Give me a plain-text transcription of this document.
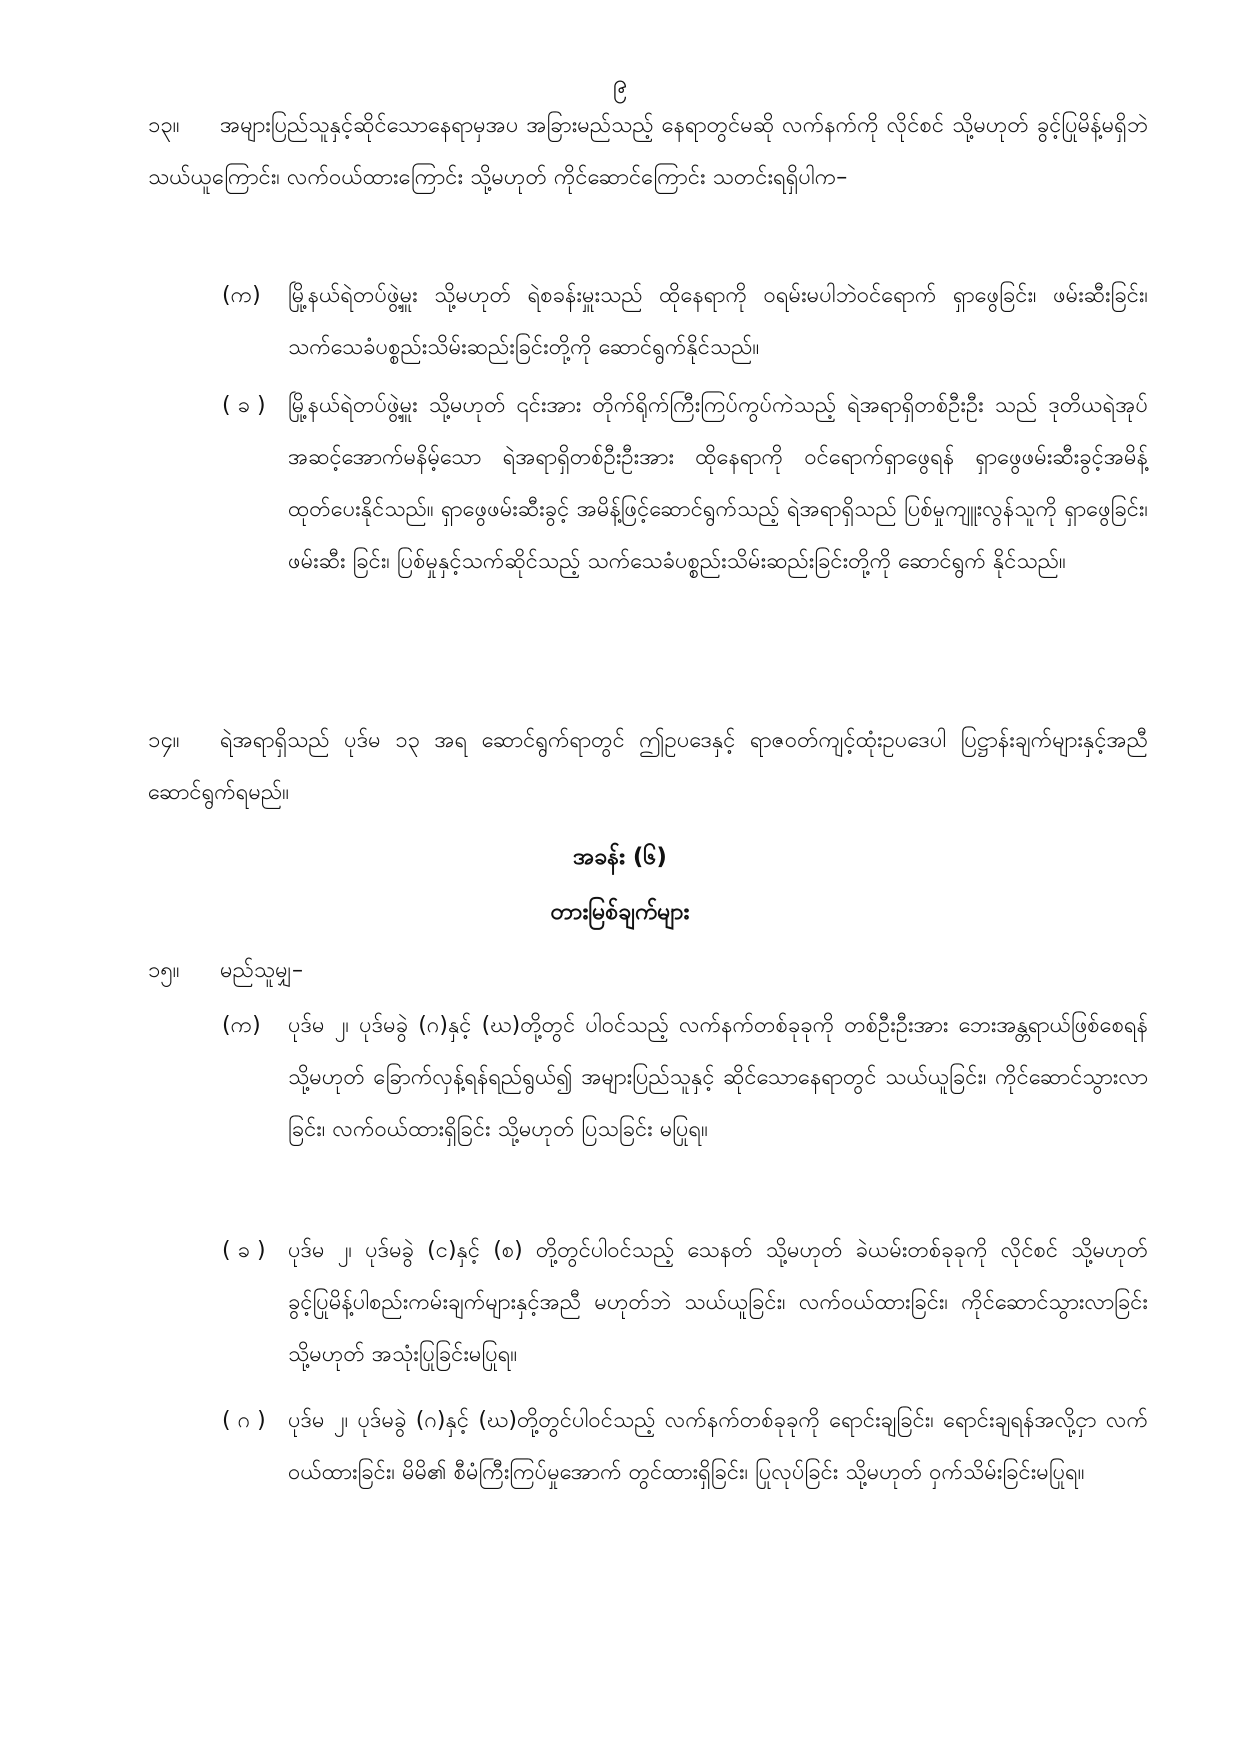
၉
၁၃။ အများပြည်သူနှင့်ဆိုင်သောနေရာမှအပ အခြားမည်သည့် နေရာတွင်မဆို လက်နက်ကို လိုင်စင် သို့မဟုတ် ခွင့်ပြုမိန့်မရှိဘဲ သယ်ယူကြောင်း၊ လက်ဝယ်ထားကြောင်း သို့မဟုတ် ကိုင်ဆောင်ကြောင်း သတင်းရရှိပါက–
(က)	မြို့နယ်ရဲတပ်ဖွဲ့မှူး သို့မဟုတ် ရဲစခန်းမှူးသည် ထိုနေရာကို ဝရမ်းမပါဘဲဝင်ရောက် ရှာဖွေခြင်း၊ ဖမ်းဆီးခြင်း၊ သက်သေခံပစ္စည်းသိမ်းဆည်းခြင်းတို့ကို ဆောင်ရွက်နိုင်သည်။
( ခ )	မြို့နယ်ရဲတပ်ဖွဲ့မှူး သို့မဟုတ် ၎င်းအား တိုက်ရိုက်ကြီးကြပ်ကွပ်ကဲသည့် ရဲအရာရှိတစ်ဦးဦး သည် ဒုတိယရဲအုပ်အဆင့်အောက်မနိမ့်သော ရဲအရာရှိတစ်ဦးဦးအား ထိုနေရာကို ဝင်ရောက်ရှာဖွေရန် ရှာဖွေဖမ်းဆီးခွင့်အမိန့် ထုတ်ပေးနိုင်သည်။ ရှာဖွေဖမ်းဆီးခွင့် အမိန့်ဖြင့်ဆောင်ရွက်သည့် ရဲအရာရှိသည် ပြစ်မှုကျူးလွန်သူကို ရှာဖွေခြင်း၊ ဖမ်းဆီး ခြင်း၊ ပြစ်မှုနှင့်သက်ဆိုင်သည့် သက်သေခံပစ္စည်းသိမ်းဆည်းခြင်းတို့ကို ဆောင်ရွက် နိုင်သည်။
၁၄။ ရဲအရာရှိသည် ပုဒ်မ ၁၃ အရ ဆောင်ရွက်ရာတွင် ဤဥပဒေနှင့် ရာဇဝတ်ကျင့်ထုံးဥပဒေပါ ပြဋ္ဌာန်းချက်များနှင့်အညီ ဆောင်ရွက်ရမည်။
အခန်း (၆)
တားမြစ်ချက်များ
၁၅။ မည်သူမျှ–
(က)	ပုဒ်မ ၂၊ ပုဒ်မခွဲ (ဂ)နှင့် (ဃ)တို့တွင် ပါဝင်သည့် လက်နက်တစ်ခုခုကို တစ်ဦးဦးအား ဘေးအန္တရာယ်ဖြစ်စေရန် သို့မဟုတ် ခြောက်လှန့်ရန်ရည်ရွယ်၍ အများပြည်သူနှင့် ဆိုင်သောနေရာတွင် သယ်ယူခြင်း၊ ကိုင်ဆောင်သွားလာခြင်း၊ လက်ဝယ်ထားရှိခြင်း သို့မဟုတ် ပြသခြင်း မပြုရ။
( ခ )	ပုဒ်မ ၂၊ ပုဒ်မခွဲ (င)နှင့် (စ) တို့တွင်ပါဝင်သည့် သေနတ် သို့မဟုတ် ခဲယမ်းတစ်ခုခုကို လိုင်စင် သို့မဟုတ် ခွင့်ပြုမိန့်ပါစည်းကမ်းချက်များနှင့်အညီ မဟုတ်ဘဲ သယ်ယူခြင်း၊ လက်ဝယ်ထားခြင်း၊ ကိုင်ဆောင်သွားလာခြင်း သို့မဟုတ် အသုံးပြုခြင်းမပြုရ။
( ဂ )	ပုဒ်မ ၂၊ ပုဒ်မခွဲ (ဂ)နှင့် (ဃ)တို့တွင်ပါဝင်သည့် လက်နက်တစ်ခုခုကို ရောင်းချခြင်း၊ ရောင်းချရန်အလို့ငှာ လက်ဝယ်ထားခြင်း၊ မိမိ၏ စီမံကြီးကြပ်မှုအောက် တွင်ထားရှိခြင်း၊ ပြုလုပ်ခြင်း သို့မဟုတ် ဝှက်သိမ်းခြင်းမပြုရ။
